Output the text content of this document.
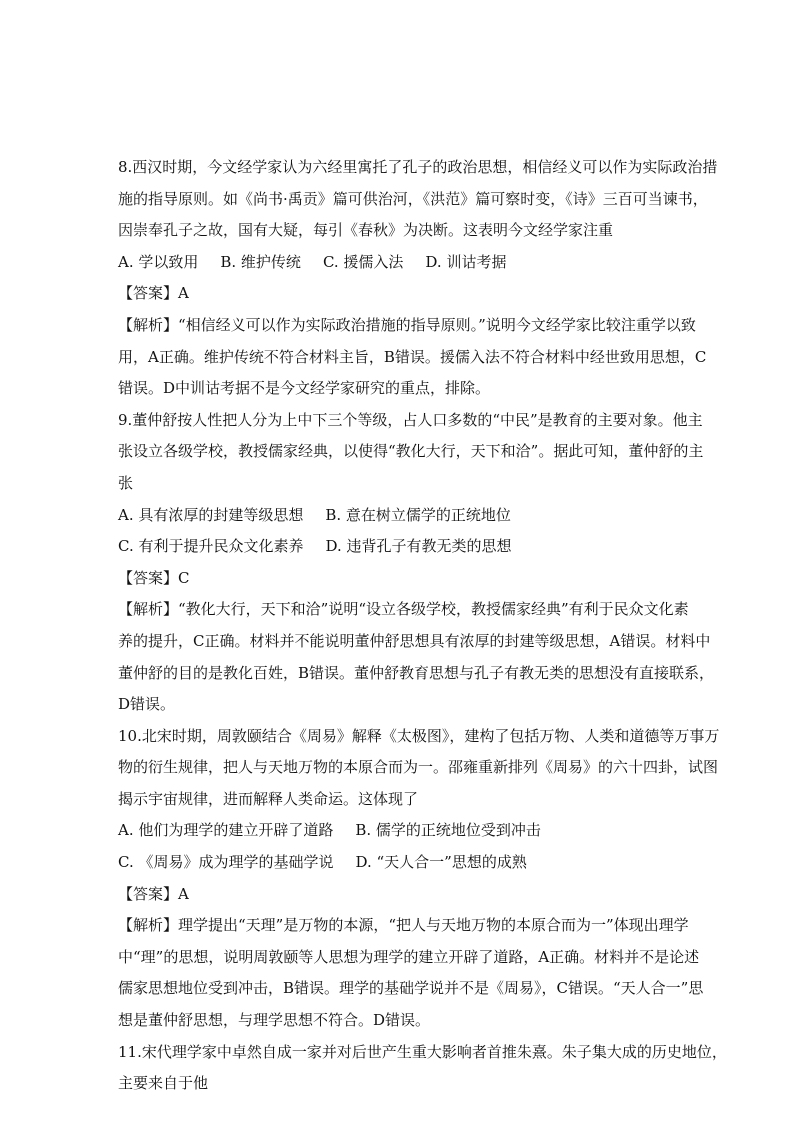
8.西汉时期，今文经学家认为六经里寓托了孔子的政治思想，相信经义可以作为实际政治措
施的指导原则。如《尚书·禹贡》篇可供治河，《洪范》篇可察时变，《诗》三百可当谏书，
因崇奉孔子之故，国有大疑，每引《春秋》为决断。这表明今文经学家注重
A. 学以致用 B. 维护传统 C. 援儒入法 D. 训诂考据
【答案】A
【解析】“相信经义可以作为实际政治措施的指导原则。”说明今文经学家比较注重学以致
用，A正确。维护传统不符合材料主旨，B错误。援儒入法不符合材料中经世致用思想，C
错误。D中训诂考据不是今文经学家研究的重点，排除。
9.董仲舒按人性把人分为上中下三个等级，占人口多数的“中民”是教育的主要对象。他主
张设立各级学校，教授儒家经典，以使得“教化大行，天下和洽”。据此可知，董仲舒的主
张
A. 具有浓厚的封建等级思想 B. 意在树立儒学的正统地位
C. 有利于提升民众文化素养 D. 违背孔子有教无类的思想
【答案】C
【解析】“教化大行，天下和洽”说明“设立各级学校，教授儒家经典”有利于民众文化素
养的提升，C正确。材料并不能说明董仲舒思想具有浓厚的封建等级思想，A错误。材料中
董仲舒的目的是教化百姓，B错误。董仲舒教育思想与孔子有教无类的思想没有直接联系，
D错误。
10.北宋时期，周敦颐结合《周易》解释《太极图》，建构了包括万物、人类和道德等万事万
物的衍生规律，把人与天地万物的本原合而为一。邵雍重新排列《周易》的六十四卦，试图
揭示宇宙规律，进而解释人类命运。这体现了
A. 他们为理学的建立开辟了道路 B. 儒学的正统地位受到冲击
C. 《周易》成为理学的基础学说 D. “天人合一”思想的成熟
【答案】A
【解析】理学提出“天理”是万物的本源，“把人与天地万物的本原合而为一”体现出理学
中“理”的思想，说明周敦颐等人思想为理学的建立开辟了道路，A正确。材料并不是论述
儒家思想地位受到冲击，B错误。理学的基础学说并不是《周易》，C错误。“天人合一”思
想是董仲舒思想，与理学思想不符合。D错误。
11.宋代理学家中卓然自成一家并对后世产生重大影响者首推朱熹。朱子集大成的历史地位，
主要来自于他
